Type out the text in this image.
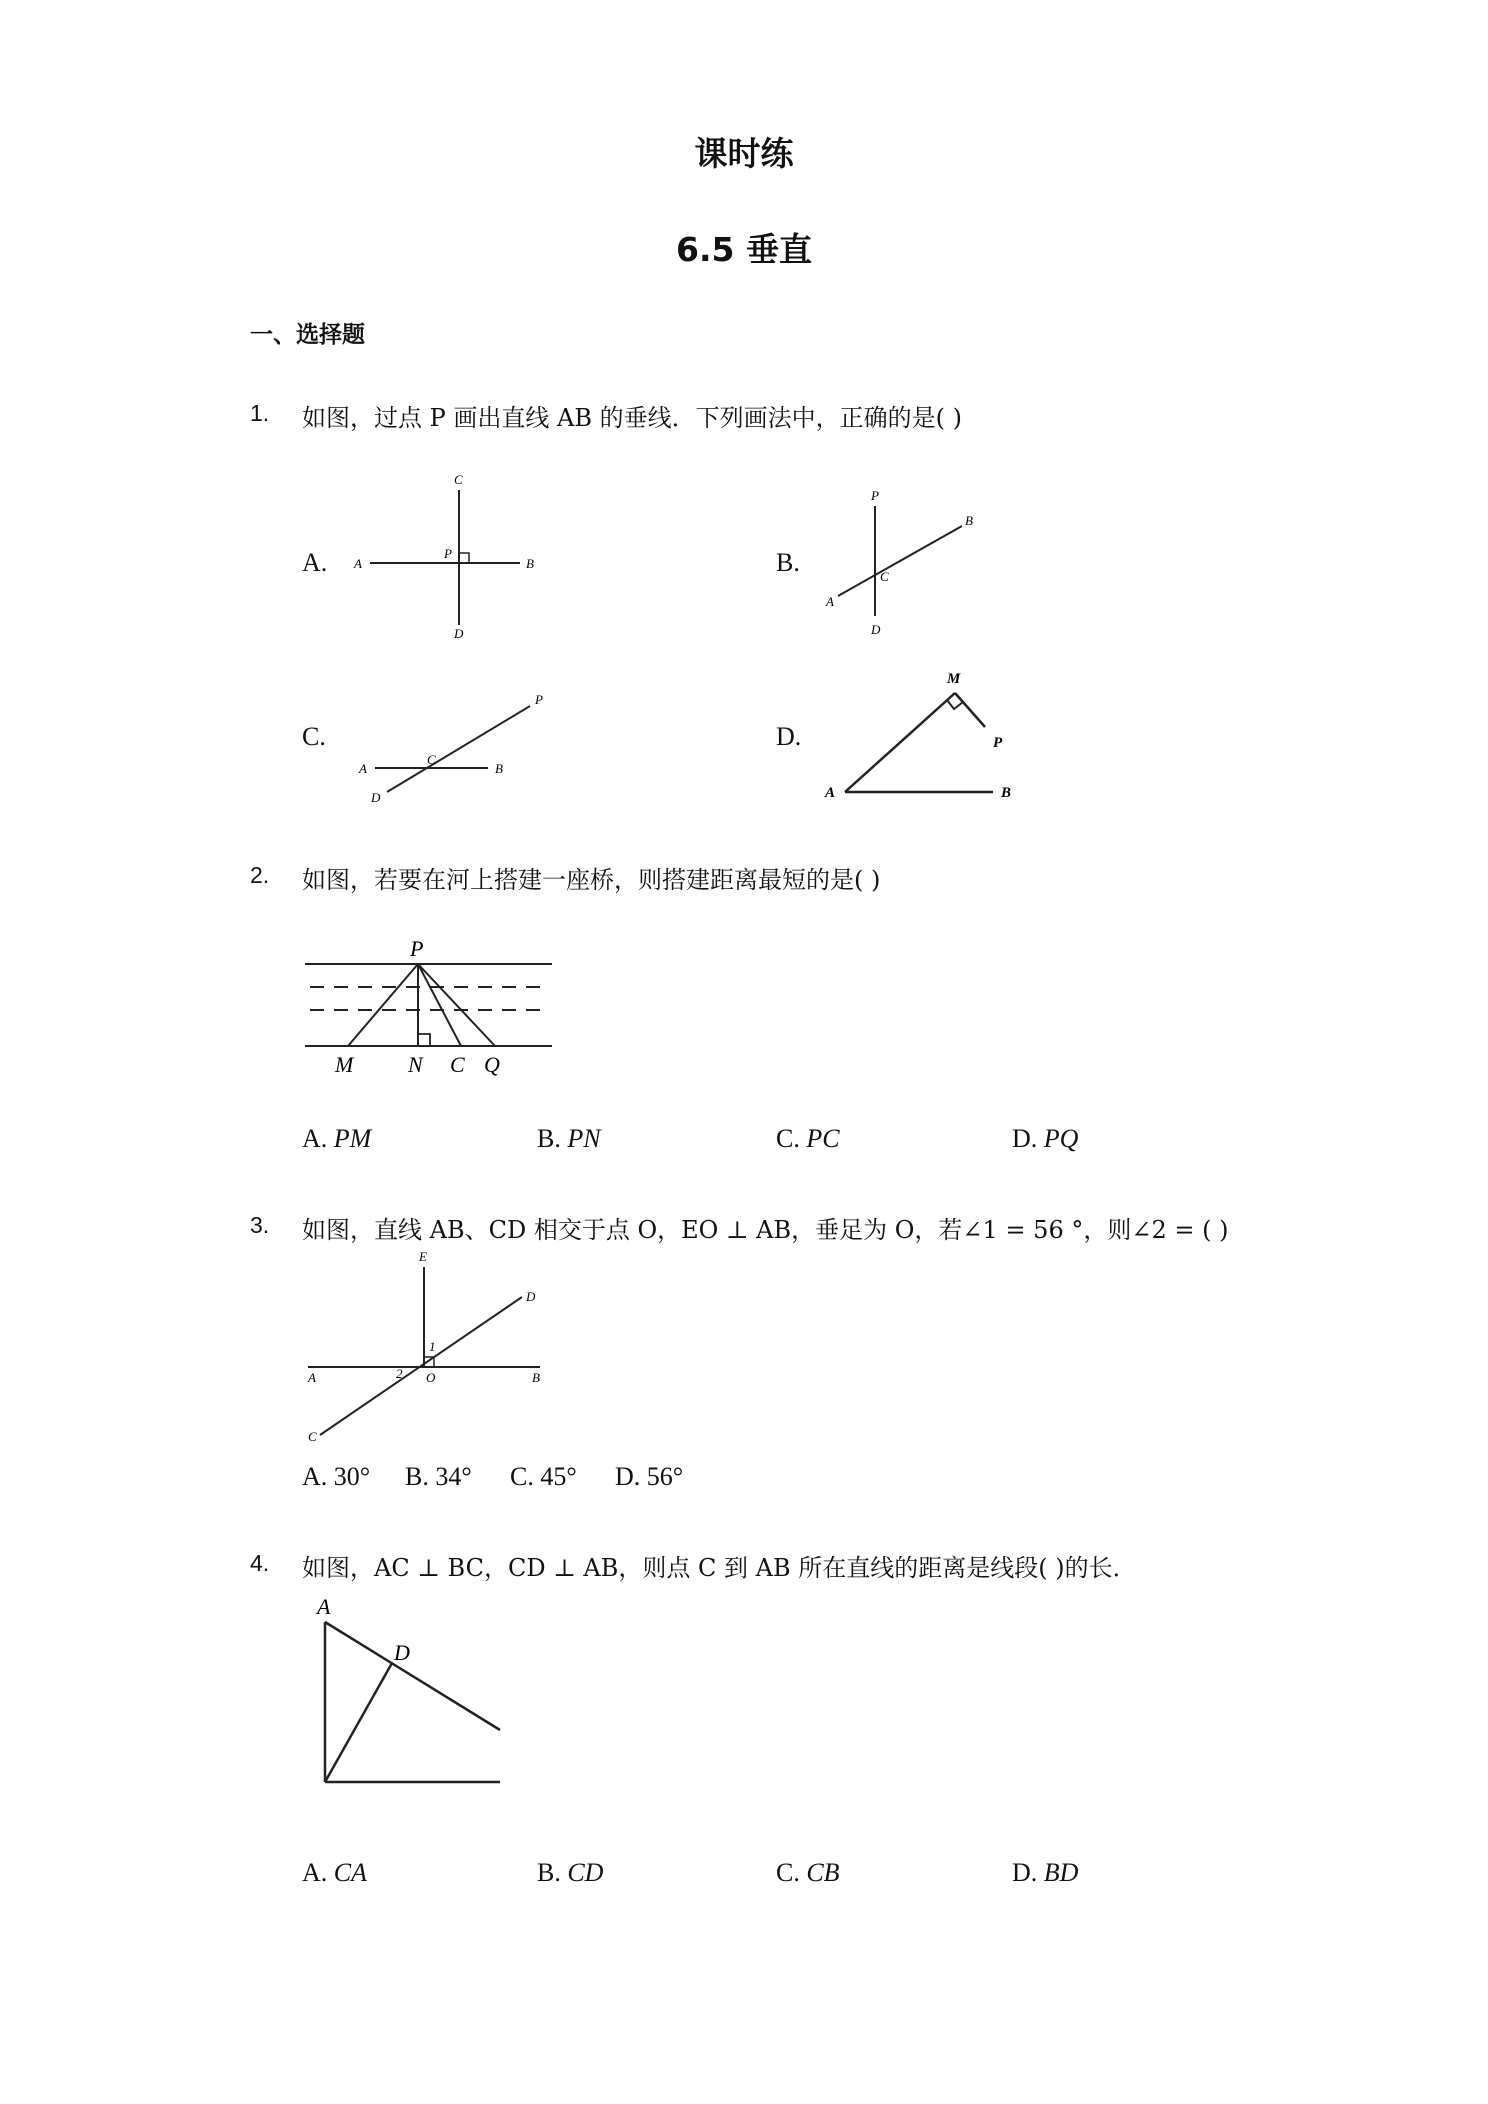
课时练
6.5 垂直
一、选择题
1. 如图，过点 P 画出直线 AB 的垂线．下列画法中，正确的是( )
A. A	B
C
D
P	B.
P
B
A
C
D
C.
P
A	B
C
D
D.
M
P
A	B
2. 如图，若要在河上搭建一座桥，则搭建距离最短的是( )
P
M N C Q
A. PM	B. PN	C. PC	D. PQ
3. 如图，直线 AB、CD 相交于点 O，EO ⊥ AB，垂足为 O，若∠1 = 56 °，则∠2 = ( )
E
D
A	B
C
O
1
2
A. 30° B. 34° C. 45° D. 56°
4. 如图，AC ⊥ BC，CD ⊥ AB，则点 C 到 AB 所在直线的距离是线段( )的长．
A
D
A. CA	B. CD	C. CB	D. BD
